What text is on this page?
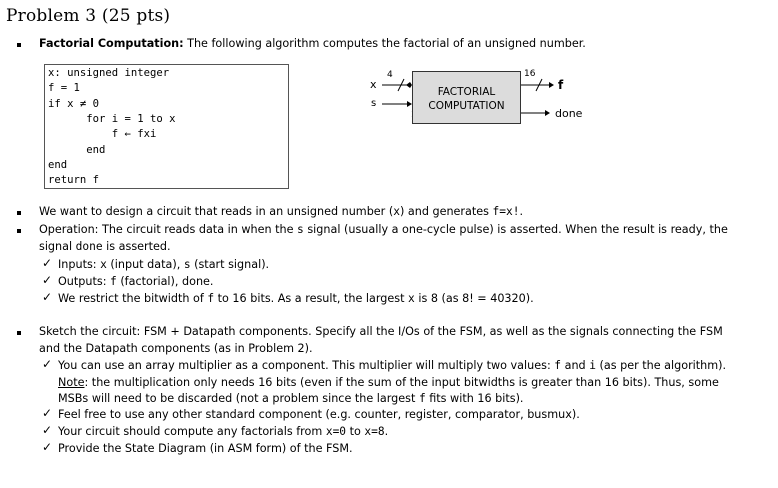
Problem 3 (25 pts)
Factorial Computation: The following algorithm computes the factorial of an unsigned number.
x: unsigned integer
f = 1
if x ≠ 0
for i = 1 to x
f ← fxi
end
end
return f
FACTORIAL
COMPUTATION
x
4
s
16
f
done
We want to design a circuit that reads in an unsigned number (x) and generates f=x!.
Operation: The circuit reads data in when the s signal (usually a one-cycle pulse) is asserted. When the result is ready, the
signal done is asserted.
✓ Inputs: x (input data), s (start signal).
✓ Outputs: f (factorial), done.
✓ We restrict the bitwidth of f to 16 bits. As a result, the largest x is 8 (as 8! = 40320).
Sketch the circuit: FSM + Datapath components. Specify all the I/Os of the FSM, as well as the signals connecting the FSM
and the Datapath components (as in Problem 2).
✓ You can use an array multiplier as a component. This multiplier will multiply two values: f and i (as per the algorithm).
Note: the multiplication only needs 16 bits (even if the sum of the input bitwidths is greater than 16 bits). Thus, some
MSBs will need to be discarded (not a problem since the largest f fits with 16 bits).
✓ Feel free to use any other standard component (e.g. counter, register, comparator, busmux).
✓ Your circuit should compute any factorials from x=0 to x=8.
✓ Provide the State Diagram (in ASM form) of the FSM.
